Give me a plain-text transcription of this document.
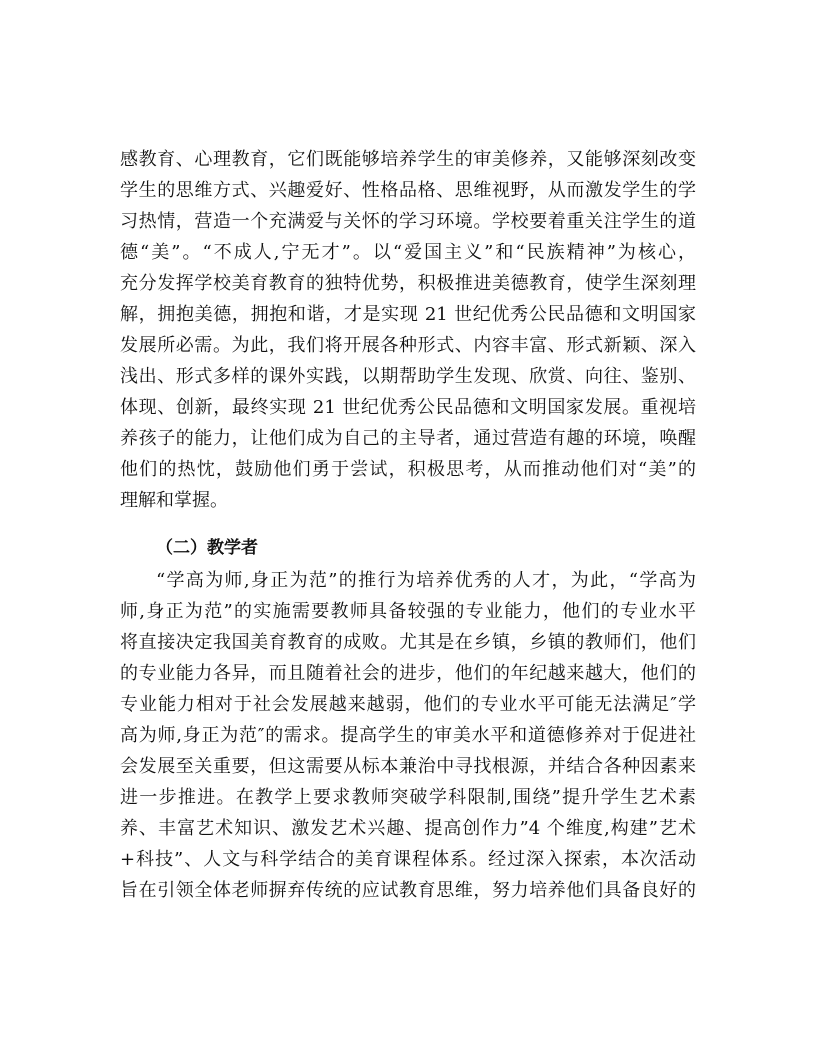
感教育、心理教育，它们既能够培养学生的审美修养，又能够深刻改变
学生的思维方式、兴趣爱好、性格品格、思维视野，从而激发学生的学
习热情，营造一个充满爱与关怀的学习环境。学校要着重关注学生的道
德“美”。“不成人,宁无才”。以“爱国主义”和“民族精神”为核心，
充分发挥学校美育教育的独特优势，积极推进美德教育，使学生深刻理
解，拥抱美德，拥抱和谐，才是实现 21 世纪优秀公民品德和文明国家
发展所必需。为此，我们将开展各种形式、内容丰富、形式新颖、深入
浅出、形式多样的课外实践，以期帮助学生发现、欣赏、向往、鉴别、
体现、创新，最终实现 21 世纪优秀公民品德和文明国家发展。重视培
养孩子的能力，让他们成为自己的主导者，通过营造有趣的环境，唤醒
他们的热忱，鼓励他们勇于尝试，积极思考，从而推动他们对“美”的
理解和掌握。
（二）教学者
“学高为师,身正为范”的推行为培养优秀的人才，为此，“学高为
师,身正为范”的实施需要教师具备较强的专业能力，他们的专业水平
将直接决定我国美育教育的成败。尤其是在乡镇，乡镇的教师们，他们
的专业能力各异，而且随着社会的进步，他们的年纪越来越大，他们的
专业能力相对于社会发展越来越弱，他们的专业水平可能无法满足″学
高为师,身正为范″的需求。提高学生的审美水平和道德修养对于促进社
会发展至关重要，但这需要从标本兼治中寻找根源，并结合各种因素来
进一步推进。在教学上要求教师突破学科限制,围绕”提升学生艺术素
养、丰富艺术知识、激发艺术兴趣、提高创作力”4 个维度,构建”艺术
+科技”、人文与科学结合的美育课程体系。经过深入探索，本次活动
旨在引领全体老师摒弃传统的应试教育思维，努力培养他们具备良好的
